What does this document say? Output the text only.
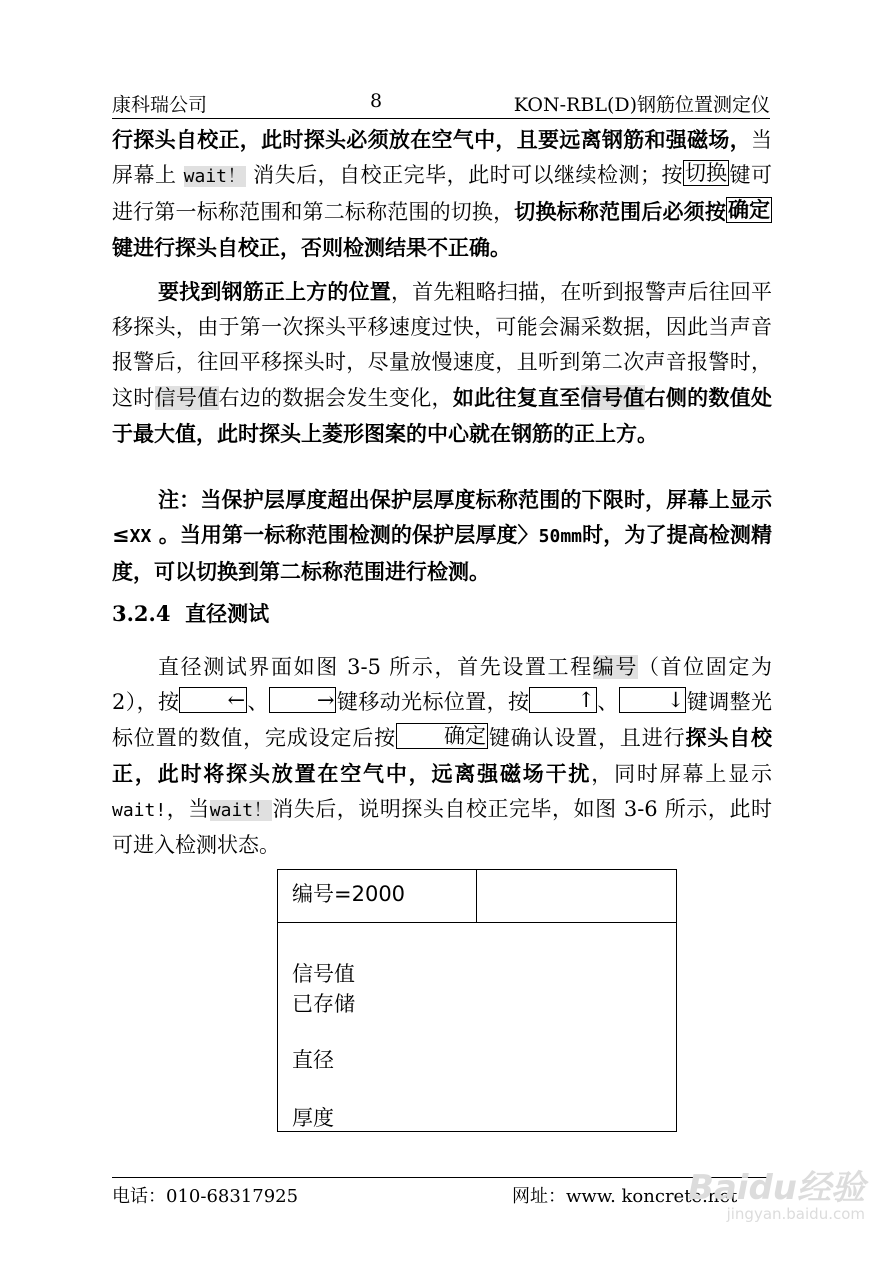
康科瑞公司	8	KON-RBL(D)钢筋位置测定仪
行探头自校正，此时探头必须放在空气中，且要远离钢筋和强磁场，当屏幕上 wait！ 消失后，自校正完毕，此时可以继续检测；按切换键可进行第一标称范围和第二标称范围的切换，切换标称范围后必须按确定键进行探头自校正，否则检测结果不正确。
要找到钢筋正上方的位置，首先粗略扫描，在听到报警声后往回平移探头，由于第一次探头平移速度过快，可能会漏采数据，因此当声音报警后，往回平移探头时，尽量放慢速度，且听到第二次声音报警时，这时信号值右边的数据会发生变化，如此往复直至信号值右侧的数值处于最大值，此时探头上菱形图案的中心就在钢筋的正上方。
注：当保护层厚度超出保护层厚度标称范围的下限时，屏幕上显示≤XX 。当用第一标称范围检测的保护层厚度〉50mm时，为了提高检测精度，可以切换到第二标称范围进行检测。
3.2.4 直径测试
直径测试界面如图 3-5 所示，首先设置工程编号（首位固定为 2），按 ←、 →键移动光标位置，按 ↑、 ↓键调整光标位置的数值，完成设定后按 确定键确认设置，且进行探头自校正，此时将探头放置在空气中，远离强磁场干扰，同时屏幕上显示wait!，当wait！消失后，说明探头自校正完毕，如图 3-6 所示，此时可进入检测状态。
编号=2000
信号值
已存储
直径
厚度
电话：010-68317925	网址：www. koncrete.net
Baidu经验
jingyan.baidu.com
